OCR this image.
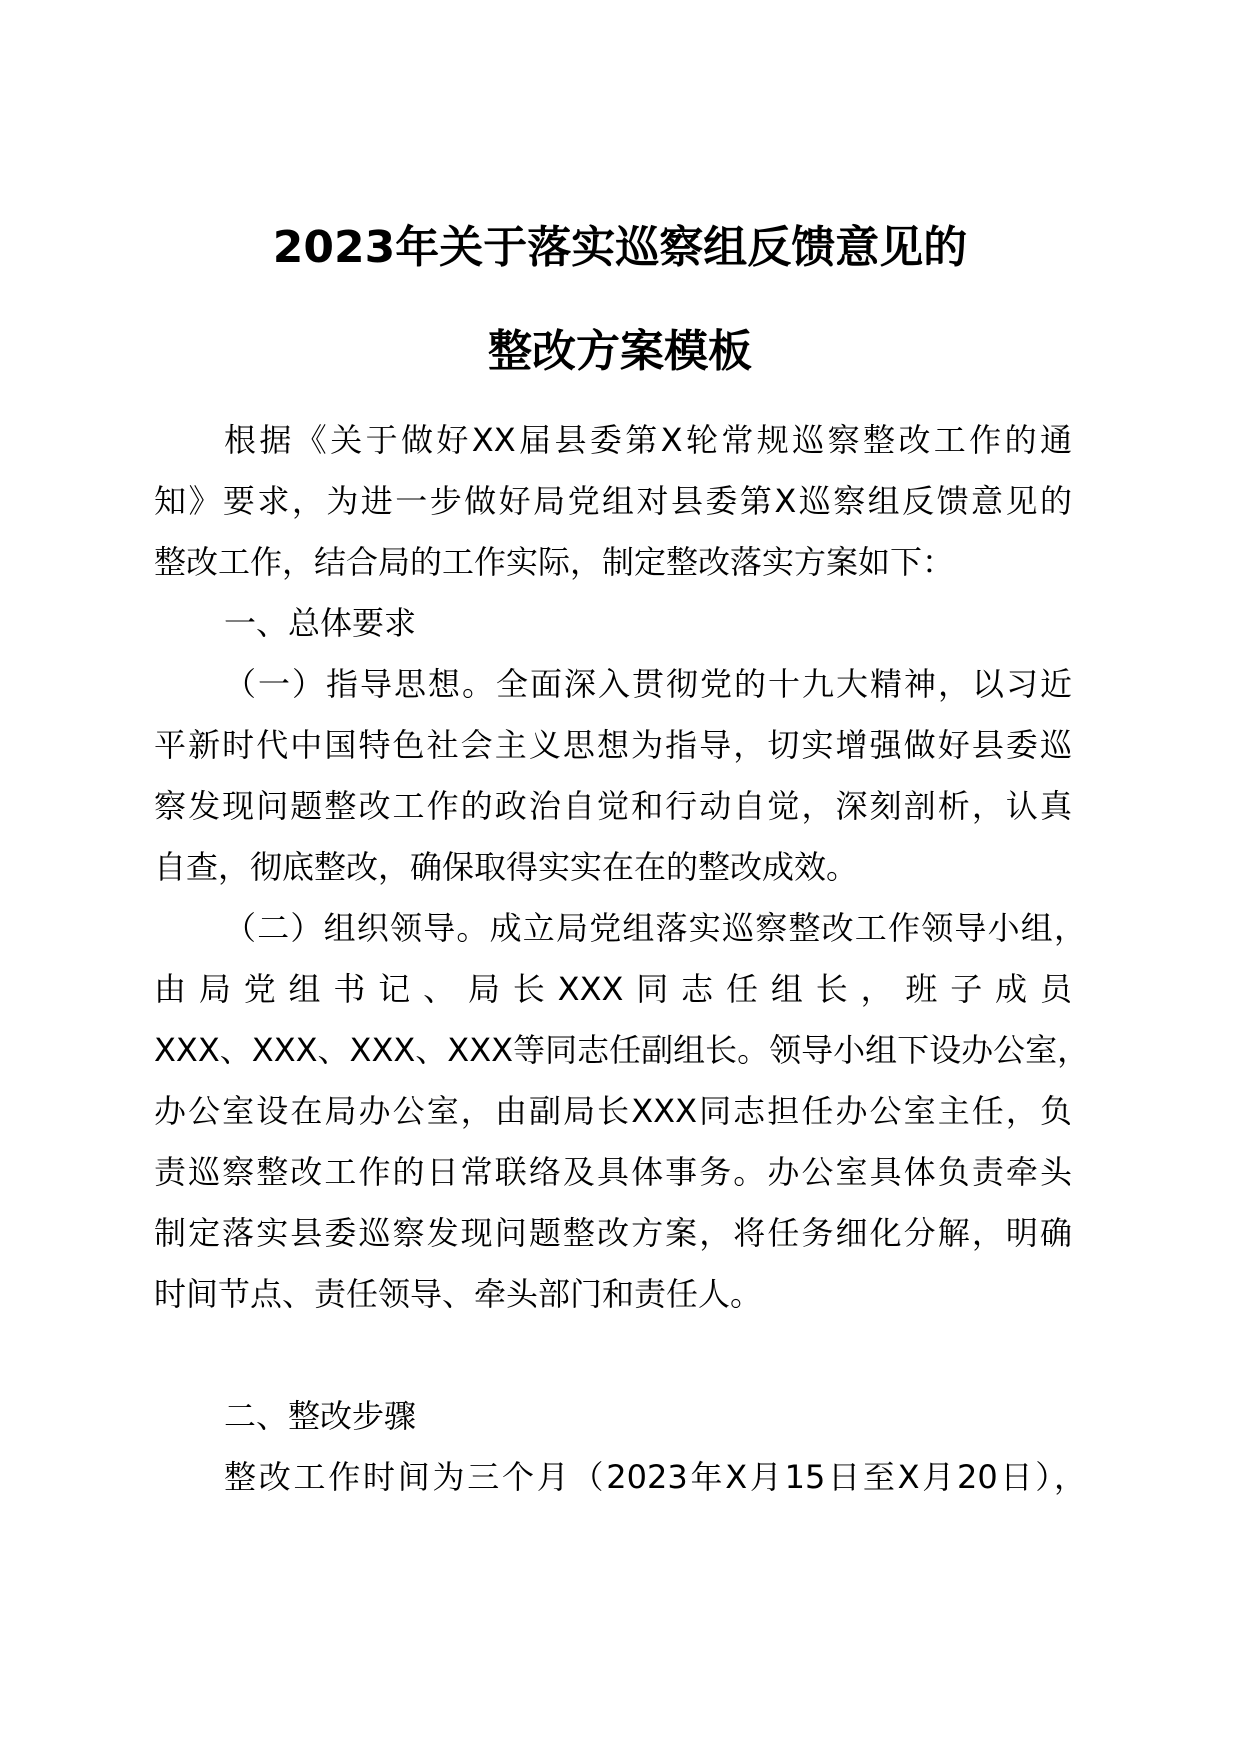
2023年关于落实巡察组反馈意见的
整改方案模板
根据《关于做好XX届县委第X轮常规巡察整改工作的通
知》要求，为进一步做好局党组对县委第X巡察组反馈意见的
整改工作，结合局的工作实际，制定整改落实方案如下：
一、总体要求
（一）指导思想。全面深入贯彻党的十九大精神，以习近
平新时代中国特色社会主义思想为指导，切实增强做好县委巡
察发现问题整改工作的政治自觉和行动自觉，深刻剖析，认真
自查，彻底整改，确保取得实实在在的整改成效。
（二）组织领导。成立局党组落实巡察整改工作领导小组，
由局党组书记、局长XXX同志任组长，班子成员
XXX、XXX、XXX、XXX等同志任副组长。领导小组下设办公室，
办公室设在局办公室，由副局长XXX同志担任办公室主任，负
责巡察整改工作的日常联络及具体事务。办公室具体负责牵头
制定落实县委巡察发现问题整改方案，将任务细化分解，明确
时间节点、责任领导、牵头部门和责任人。
二、整改步骤
整改工作时间为三个月（2023年X月15日至X月20日），
